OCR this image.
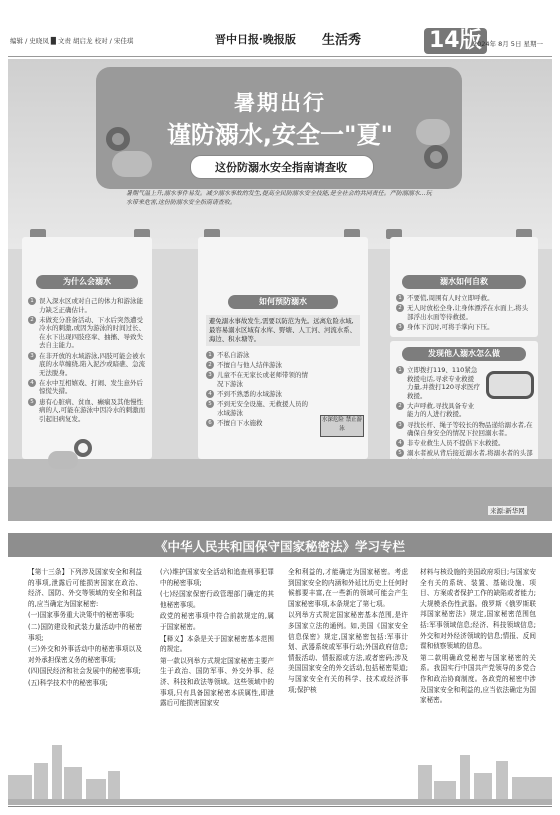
编辑 / 史晓凤 █ 文责 胡启龙 校对 / 宋佳琪	晋中日报·晚报版 生活秀	14版
2024年 8月 5日 星期一
暑期出行
谨防溺水,安全一"夏"
这份防溺水安全指南请查收
暑期气温上升,溺水事件易发。减少溺水事故的发生,提高全民防溺水安全技能,是全社会的共同责任。严防溺溺水…玩水带来危害,这份防溺水安全指南请查收。
为什么会溺水
1 误入深水区或对自己的体力和游泳能力缺乏正确估计。
2 未做充分准备活动、下水后突然遭受冷水的刺激,或因为游泳的时间过长、在水下出现四肢痉挛、抽搐、导致失去自主能力。
3 在非开放的水域游泳,四肢可能会被水底的水草缠绕,陷入泥沙或暗礁、急流无法脱身。
4 在水中互相嬉戏、打闹、发生意外后惊慌失措。
5 患有心脏病、贫血、癫痫及其他慢性病的人,可能在游泳中因冷水的刺激而引起旧病复发。
如何预防溺水
避免溺水事故发生,需要以防范为先。远离危险水域,最容易溺水区域有水库、野塘、人工河、河流水系、海边、积水塘等。
1 不私自游泳
2 不擅自与他人结伴游泳
3 儿童不在无家长或老师带领的情况下游泳
4 不到不熟悉的水域游泳
5 不到无安全设施、无救援人员的水域游泳
6 不擅自下水施救	水深危险 禁止游泳
溺水如何自救
1 不要慌,周围有人时立即呼救。
2 无人时放松全身,让身体漂浮在水面上,将头部浮出水面等待救援。
3 身体下沉时,可将手掌向下压。
发现他人溺水怎么做
1 立即拨打119、110紧急救援电话,寻求专业救援力量,并拨打120寻求医疗救援。
2 大声呼救,寻找具备专业能力的人进行救援。
3 寻找长杆、绳子等较长的物品递给溺水者,在确保自身安全的情况下拉回溺水者。
4 非专业救生人员不提倡下水救援。
5 溺水者被从背后接近溺水者,将溺水者的头部
来源:新华网
《中华人民共和国保守国家秘密法》学习专栏

【第十三条】下列涉及国家安全和利益的事项,泄露后可能损害国家在政治、经济、国防、外交等领域的安全和利益的,应当确定为国家秘密:

(一)国家事务重大决策中的秘密事项;

(二)国防建设和武装力量活动中的秘密事项;

(三)外交和外事活动中的秘密事项以及对外承担保密义务的秘密事项;

(四)国民经济和社会发展中的秘密事项;

(五)科学技术中的秘密事项;

(六)维护国家安全活动和追查刑事犯罪中的秘密事项;

(七)经国家保密行政管理部门确定的其他秘密事项。

政党的秘密事项中符合前款规定的,属于国家秘密。

【释义】本条是关于国家秘密基本范围的规定。

第一款以列举方式规定国家秘密主要产生于政治、国防军事、外交外事、经济、科技和政法等领域。这些领域中的事项,只有具备国家秘密本质属性,即泄露后可能损害国家安

全和利益的,才能确定为国家秘密。考虑到国家安全的内涵和外延比历史上任何时候都要丰富,在一些新的领域可能会产生国家秘密事项,本条规定了第七项。

以列举方式规定国家秘密基本范围,是许多国家立法的通例。如,美国《国家安全信息保密》规定,国家秘密包括:军事计划、武器系统或军事行动;外国政府信息;情报活动、情报源或方法,或者密码;涉及美国国家安全的外交活动,包括秘密渠道;与国家安全有关的科学、技术或经济事项;保护核

材料与核设施的美国政府项目;与国家安全有关的系统、装置、基础设施、项目、方案或者保护工作的缺陷或者能力;大规模杀伤性武器。俄罗斯《俄罗斯联邦国家秘密法》规定,国家秘密范围包括:军事领域信息;经济、科技领域信息;外交和对外经济领域的信息;情报、反间谍和侦察领域的信息。

第二款明确政党秘密与国家秘密的关系。我国实行中国共产党领导的多党合作和政治协商制度。各政党的秘密中涉及国家安全和利益的,应当依法确定为国家秘密。
